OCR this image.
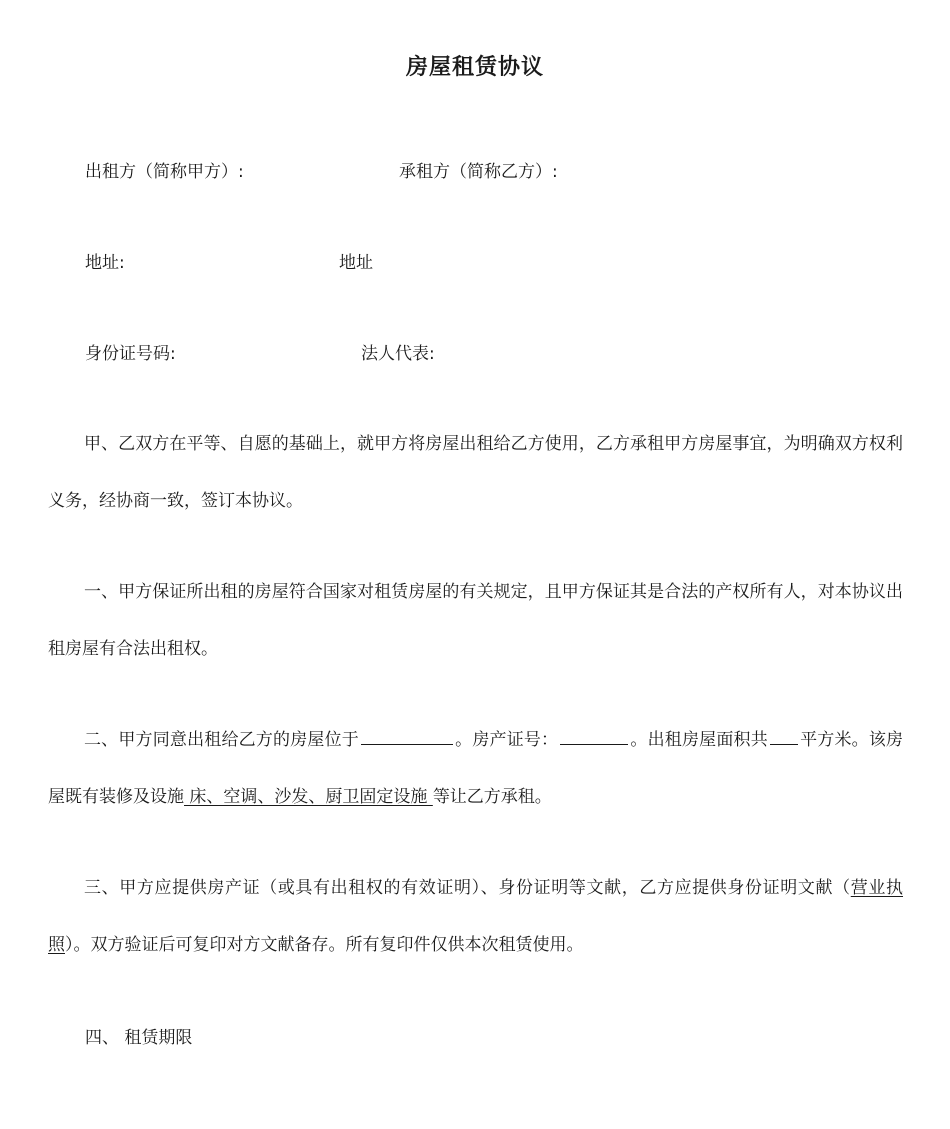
房屋租赁协议
出租方（简称甲方）:	承租方（简称乙方）:
地址:	地址
身份证号码:	法人代表:

甲、乙双方在平等、自愿的基础上，就甲方将房屋出租给乙方使用，乙方承租甲方房屋事宜，为明确双方权利义务，经协商一致，签订本协议。

一、甲方保证所出租的房屋符合国家对租赁房屋的有关规定，且甲方保证其是合法的产权所有人，对本协议出租房屋有合法出租权。

二、甲方同意出租给乙方的房屋位于	。房产证号：	。出租房屋面积共 平方米。该房屋既有装修及设施 床、空调、沙发、厨卫固定设施 等让乙方承租。

三、甲方应提供房产证（或具有出租权的有效证明）、身份证明等文献，乙方应提供身份证明文献（营业执照）。双方验证后可复印对方文献备存。所有复印件仅供本次租赁使用。

四、 租赁期限
